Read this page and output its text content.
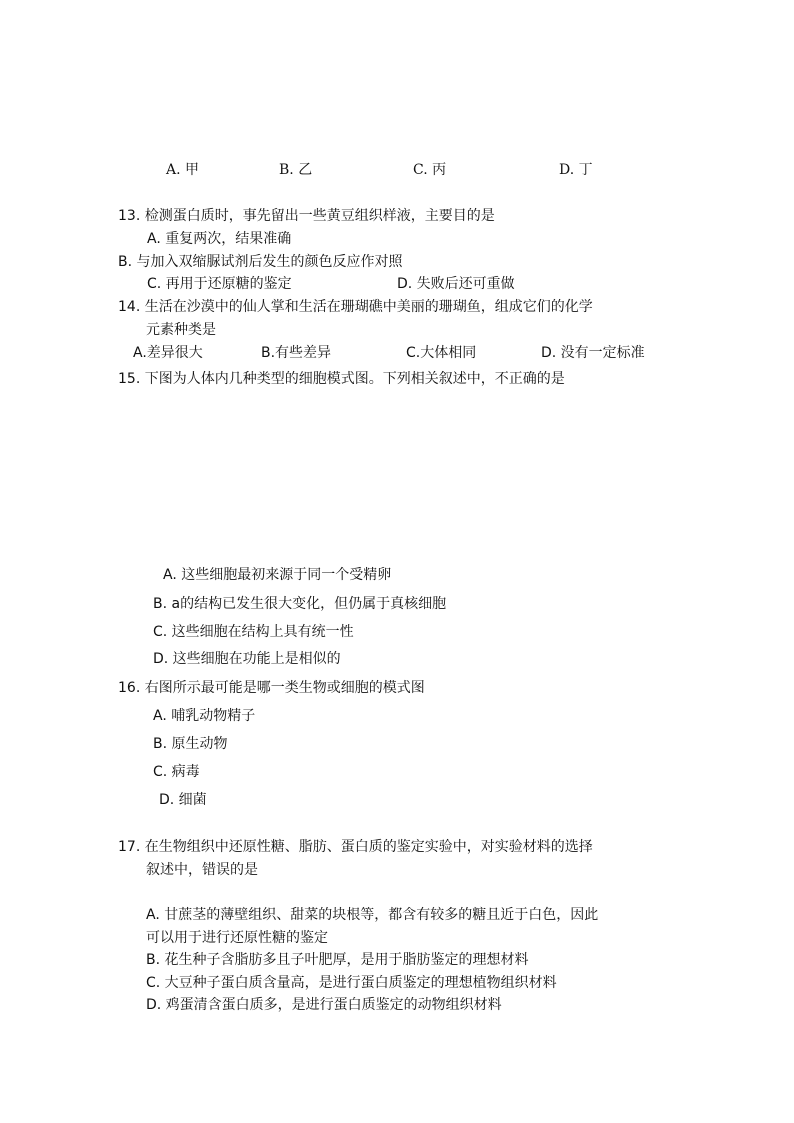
A. 甲	B. 乙	C. 丙	D. 丁
13. 检测蛋白质时，事先留出一些黄豆组织样液，主要目的是
A. 重复两次，结果准确
B. 与加入双缩脲试剂后发生的颜色反应作对照
C. 再用于还原糖的鉴定	D. 失败后还可重做
14. 生活在沙漠中的仙人掌和生活在珊瑚礁中美丽的珊瑚鱼，组成它们的化学
元素种类是
A.差异很大	B.有些差异	C.大体相同	D. 没有一定标准
15. 下图为人体内几种类型的细胞模式图。下列相关叙述中，不正确的是
A. 这些细胞最初来源于同一个受精卵
B. a的结构已发生很大变化，但仍属于真核细胞
C. 这些细胞在结构上具有统一性
D. 这些细胞在功能上是相似的
16. 右图所示最可能是哪一类生物或细胞的模式图
A. 哺乳动物精子
B. 原生动物
C. 病毒
D. 细菌
17. 在生物组织中还原性糖、脂肪、蛋白质的鉴定实验中，对实验材料的选择
叙述中，错误的是
A. 甘蔗茎的薄壁组织、甜菜的块根等，都含有较多的糖且近于白色，因此
可以用于进行还原性糖的鉴定
B. 花生种子含脂肪多且子叶肥厚，是用于脂肪鉴定的理想材料
C. 大豆种子蛋白质含量高，是进行蛋白质鉴定的理想植物组织材料
D. 鸡蛋清含蛋白质多，是进行蛋白质鉴定的动物组织材料
